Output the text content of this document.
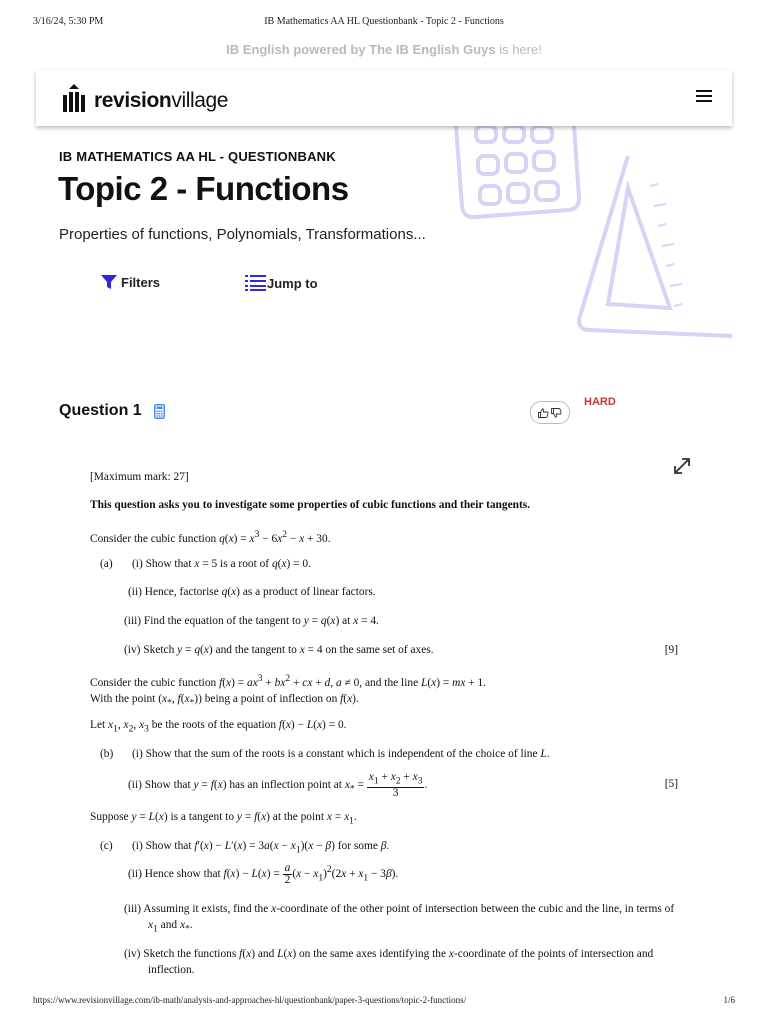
3/16/24, 5:30 PM	IB Mathematics AA HL Questionbank - Topic 2 - Functions
IB English powered by The IB English Guys is here!
revisionvillage
IB MATHEMATICS AA HL - QUESTIONBANK
Topic 2 - Functions
Properties of functions, Polynomials, Transformations...
Filters	Jump to
Question 1	HARD
[Maximum mark: 27]
This question asks you to investigate some properties of cubic functions and their tangents.
Consider the cubic function $q(x) = x^3 - 6x^2 - x + 30$.
(a) (i) Show that x = 5 is a root of q(x) = 0.
(ii) Hence, factorise q(x) as a product of linear factors.
(iii) Find the equation of the tangent to y = q(x) at x = 4.
(iv) Sketch y = q(x) and the tangent to x = 4 on the same set of axes.	[9]
Consider the cubic function $f(x) = ax^3 + bx^2$ + cx + d, a ≠ 0, and the line L(x) = mx + 1.
With the point ($x_*$, $f(x_*)$) being a point of inflection on f(x).
Let $x_1$, $x_2$, $x_3$ be the roots of the equation f(x) − L(x) = 0.
(b) (i) Show that the sum of the roots is a constant which is independent of the choice of line L.
(ii) Show that y = f(x) has an inflection point at $x_* = \frac{x_1 + x_2 + x_3}{3}$ .	[5]
Suppose y = L(x) is a tangent to y = f(x) at the point $x = x_1$.
(c) (i) Show that $f'(x) - L'(x) = 3a(x - x_1)(x - \beta)$ for some β.
(ii) Hence show that $f(x) - L(x) = \frac{a}{2} (x - x_1)^2(2x + x_1 - 3\beta)$.
(iii) Assuming it exists, find the x-coordinate of the other point of intersection between the cubic and the line, in terms of $x_1$ and $x_*$.
(iv) Sketch the functions f(x) and L(x) on the same axes identifying the x-coordinate of the points of intersection and inflection.
https://www.revisionvillage.com/ib-math/analysis-and-approaches-hl/questionbank/paper-3-questions/topic-2-functions/	1/6
